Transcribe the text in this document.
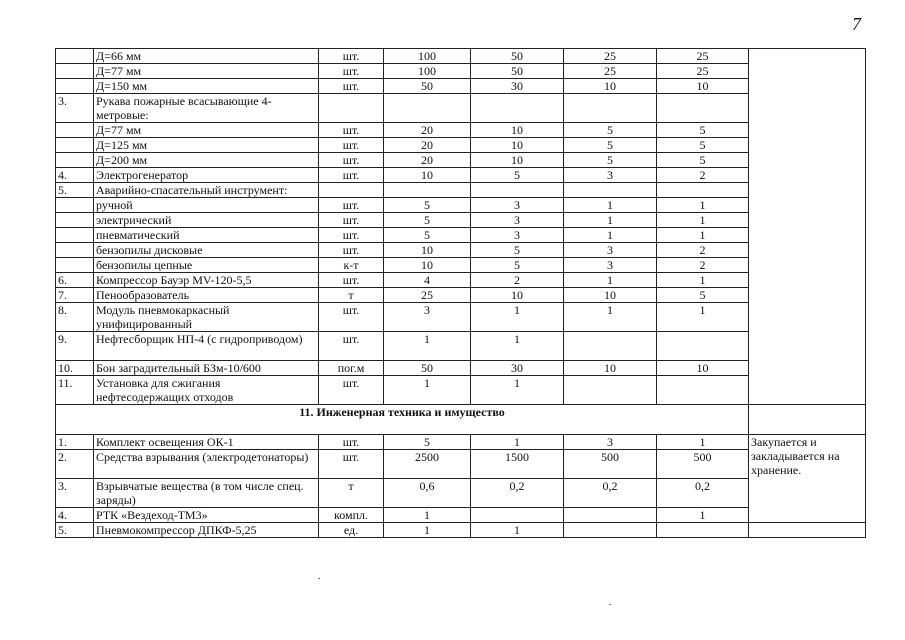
7
	Д=66 мм	шт.	100	50	25	25	
	Д=77 мм	шт.	100	50	25	25	
	Д=150 мм	шт.	50	30	10	10	
3.	Рукава пожарные всасывающие 4-метровые:						
	Д=77 мм	шт.	20	10	5	5	
	Д=125 мм	шт.	20	10	5	5	
	Д=200 мм	шт.	20	10	5	5	
4.	Электрогенератор	шт.	10	5	3	2	
5.	Аварийно-спасательный инструмент:						
	ручной	шт.	5	3	1	1	
	электрический	шт.	5	3	1	1	
	пневматический	шт.	5	3	1	1	
	бензопилы дисковые	шт.	10	5	3	2	
	бензопилы цепные	к-т	10	5	3	2	
6.	Компрессор Бауэр MV-120-5,5	шт.	4	2	1	1	
7.	Пенообразователь	т	25	10	10	5	
8.	Модуль пневмокаркасный унифицированный	шт.	3	1	1	1	
9.	Нефтесборщик НП-4 (с гидроприводом)	шт.	1	1			
10.	Бон заградительный БЗм-10/600	пог.м	50	30	10	10	
11.	Установка для сжигания нефтесодержащих отходов	шт.	1	1			
11. Инженерная техника и имущество							
1.	Комплект освещения ОК-1	шт.	5	1	3	1	Закупается и закладывается на хранение.
2.	Средства взрывания (электродетонаторы)	шт.	2500	1500	500	500	
3.	Взрывчатые вещества (в том числе спец. заряды)	т	0,6	0,2	0,2	0,2	
4.	РТК «Вездеход-ТМ3»	компл.	1			1	
5.	Пневмокомпрессор ДПКФ-5,25	ед.	1	1			
